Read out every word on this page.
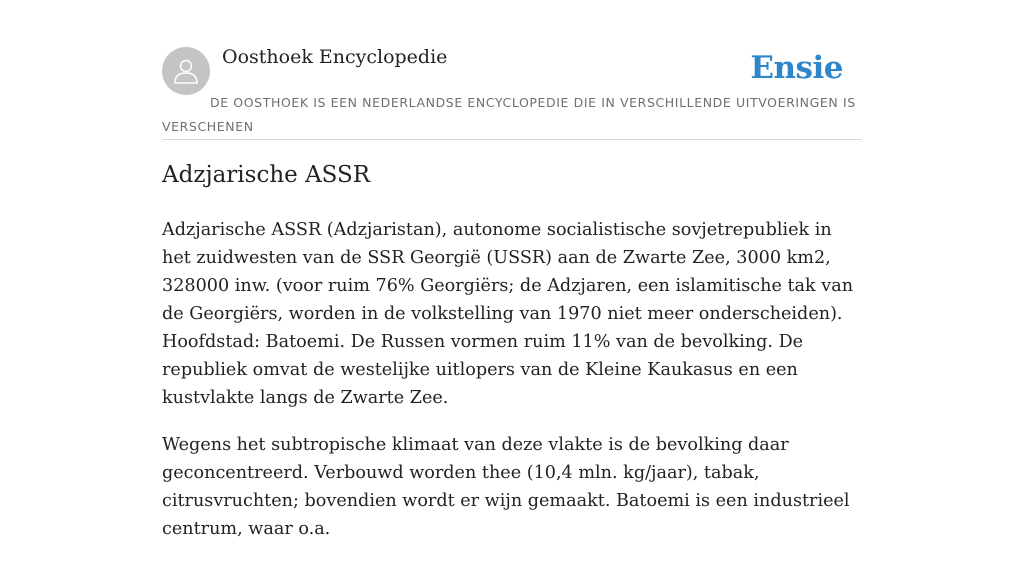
Oosthoek Encyclopedie	Ensie
DE OOSTHOEK IS EEN NEDERLANDSE ENCYCLOPEDIE DIE IN VERSCHILLENDE UITVOERINGEN IS VERSCHENEN
Adzjarische ASSR

Adzjarische ASSR (Adzjaristan), autonome socialistische sovjetrepubliek in het zuidwesten van de SSR Georgië (USSR) aan de Zwarte Zee, 3000 km2, 328000 inw. (voor ruim 76% Georgiërs; de Adzjaren, een islamitische tak van de Georgiërs, worden in de volkstelling van 1970 niet meer onderscheiden). Hoofdstad: Batoemi. De Russen vormen ruim 11% van de bevolking. De republiek omvat de westelijke uitlopers van de Kleine Kaukasus en een kustvlakte langs de Zwarte Zee.

Wegens het subtropische klimaat van deze vlakte is de bevolking daar geconcentreerd. Verbouwd worden thee (10,4 mln. kg/jaar), tabak, citrusvruchten; bovendien wordt er wijn gemaakt. Batoemi is een industrieel centrum, waar o.a.
